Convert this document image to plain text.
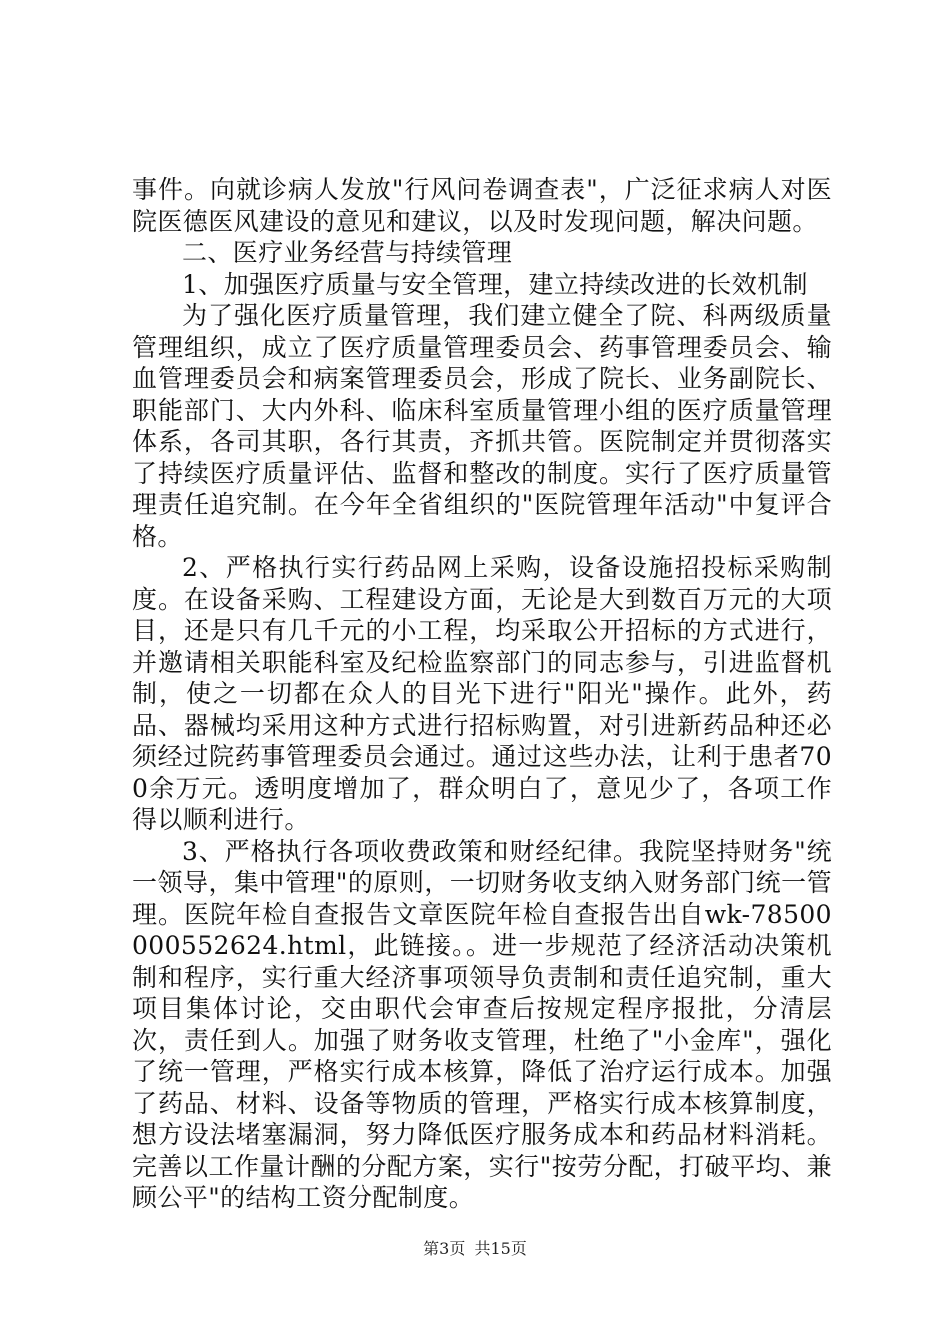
事件。向就诊病人发放"行风问卷调查表"，广泛征求病人对医院医德医风建设的意见和建议，以及时发现问题，解决问题。

二、医疗业务经营与持续管理

1、加强医疗质量与安全管理，建立持续改进的长效机制

为了强化医疗质量管理，我们建立健全了院、科两级质量管理组织，成立了医疗质量管理委员会、药事管理委员会、输血管理委员会和病案管理委员会，形成了院长、业务副院长、职能部门、大内外科、临床科室质量管理小组的医疗质量管理体系，各司其职，各行其责，齐抓共管。医院制定并贯彻落实了持续医疗质量评估、监督和整改的制度。实行了医疗质量管理责任追究制。在今年全省组织的"医院管理年活动"中复评合格。

2、严格执行实行药品网上采购，设备设施招投标采购制度。在设备采购、工程建设方面，无论是大到数百万元的大项目，还是只有几千元的小工程，均采取公开招标的方式进行，并邀请相关职能科室及纪检监察部门的同志参与，引进监督机制，使之一切都在众人的目光下进行"阳光"操作。此外，药品、器械均采用这种方式进行招标购置，对引进新药品种还必须经过院药事管理委员会通过。通过这些办法，让利于患者700余万元。透明度增加了，群众明白了，意见少了，各项工作得以顺利进行。

3、严格执行各项收费政策和财经纪律。我院坚持财务"统一领导，集中管理"的原则，一切财务收支纳入财务部门统一管理。医院年检自查报告文章医院年检自查报告出自wk-78500000552624.html，此链接。。进一步规范了经济活动决策机制和程序，实行重大经济事项领导负责制和责任追究制，重大项目集体讨论，交由职代会审查后按规定程序报批，分清层次，责任到人。加强了财务收支管理，杜绝了"小金库"，强化了统一管理，严格实行成本核算，降低了治疗运行成本。加强了药品、材料、设备等物质的管理，严格实行成本核算制度，想方设法堵塞漏洞，努力降低医疗服务成本和药品材料消耗。完善以工作量计酬的分配方案，实行"按劳分配，打破平均、兼顾公平"的结构工资分配制度。

第3页 共15页
